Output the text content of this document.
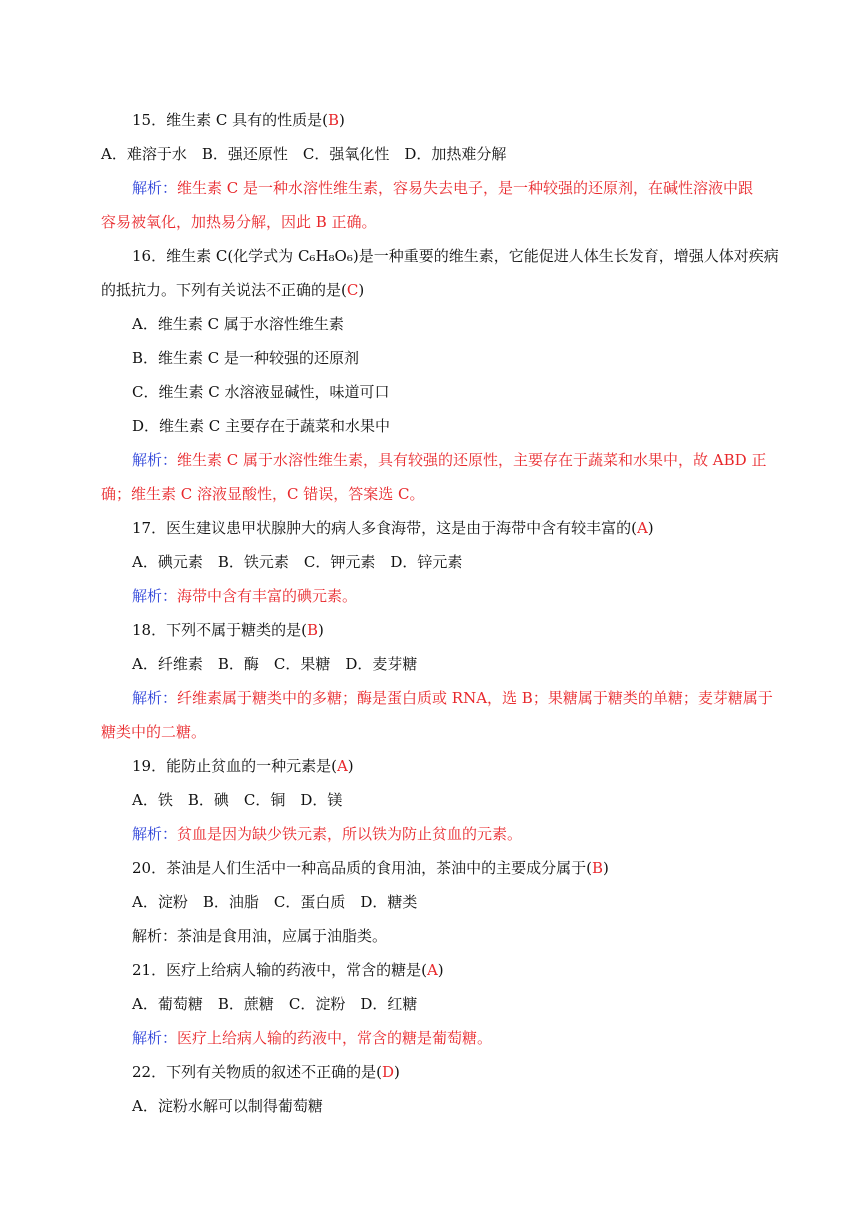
15．维生素 C 具有的性质是(B)
A．难溶于水　B．强还原性　C．强氧化性　D．加热难分解
解析：维生素 C 是一种水溶性维生素，容易失去电子，是一种较强的还原剂，在碱性溶液中跟
容易被氧化，加热易分解，因此 B 正确。
16．维生素 C(化学式为 C₆H₈O₆)是一种重要的维生素，它能促进人体生长发育，增强人体对疾病
的抵抗力。下列有关说法不正确的是(C)
A．维生素 C 属于水溶性维生素
B．维生素 C 是一种较强的还原剂
C．维生素 C 水溶液显碱性，味道可口
D．维生素 C 主要存在于蔬菜和水果中
解析：维生素 C 属于水溶性维生素，具有较强的还原性，主要存在于蔬菜和水果中，故 ABD 正
确；维生素 C 溶液显酸性，C 错误，答案选 C。
17．医生建议患甲状腺肿大的病人多食海带，这是由于海带中含有较丰富的(A)
A．碘元素　B．铁元素　C．钾元素　D．锌元素
解析：海带中含有丰富的碘元素。
18．下列不属于糖类的是(B)
A．纤维素　B．酶　C．果糖　D．麦芽糖
解析：纤维素属于糖类中的多糖；酶是蛋白质或 RNA，选 B；果糖属于糖类的单糖；麦芽糖属于
糖类中的二糖。
19．能防止贫血的一种元素是(A)
A．铁　B．碘　C．铜　D．镁
解析：贫血是因为缺少铁元素，所以铁为防止贫血的元素。
20．茶油是人们生活中一种高品质的食用油，茶油中的主要成分属于(B)
A．淀粉　B．油脂　C．蛋白质　D．糖类
解析：茶油是食用油，应属于油脂类。
21．医疗上给病人输的药液中，常含的糖是(A)
A．葡萄糖　B．蔗糖　C．淀粉　D．红糖
解析：医疗上给病人输的药液中，常含的糖是葡萄糖。
22．下列有关物质的叙述不正确的是(D)
A．淀粉水解可以制得葡萄糖
